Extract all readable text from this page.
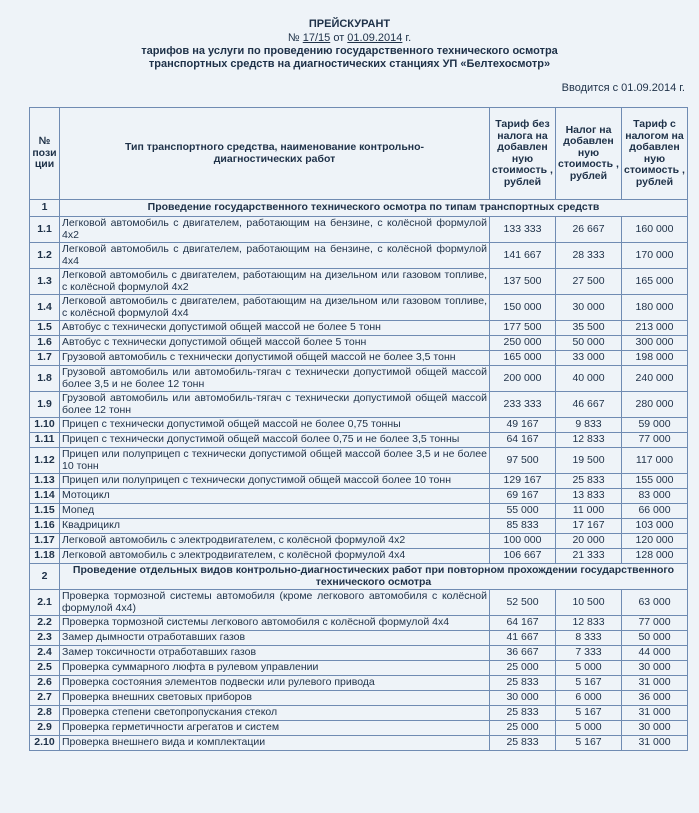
ПРЕЙСКУРАНТ
№ 17/15 от 01.09.2014 г.
тарифов на услуги по проведению государственного технического осмотра
транспортных средств на диагностических станциях УП «Белтехосмотр»
Вводится с 01.09.2014 г.
№ пози ции	Тип транспортного средства, наименование контрольно-диагностических работ	Тариф без налога на добавлен ную стоимость , рублей	Налог на добавлен ную стоимость , рублей	Тариф с налогом на добавлен ную стоимость , рублей
1	Проведение государственного технического осмотра по типам транспортных средств			
1.1	Легковой автомобиль с двигателем, работающим на бензине, с колёсной формулой 4х2	133 333	26 667	160 000
1.2	Легковой автомобиль с двигателем, работающим на бензине, с колёсной формулой 4х4	141 667	28 333	170 000
1.3	Легковой автомобиль с двигателем, работающим на дизельном или газовом топливе, с колёсной формулой 4х2	137 500	27 500	165 000
1.4	Легковой автомобиль с двигателем, работающим на дизельном или газовом топливе, с колёсной формулой 4х4	150 000	30 000	180 000
1.5	Автобус с технически допустимой общей массой не более 5 тонн	177 500	35 500	213 000
1.6	Автобус с технически допустимой общей массой более 5 тонн	250 000	50 000	300 000
1.7	Грузовой автомобиль с технически допустимой общей массой не более 3,5 тонн	165 000	33 000	198 000
1.8	Грузовой автомобиль или автомобиль-тягач с технически допустимой общей массой более 3,5 и не более 12 тонн	200 000	40 000	240 000
1.9	Грузовой автомобиль или автомобиль-тягач с технически допустимой общей массой более 12 тонн	233 333	46 667	280 000
1.10	Прицеп с технически допустимой общей массой не более 0,75 тонны	49 167	9 833	59 000
1.11	Прицеп с технически допустимой общей массой более 0,75 и не более 3,5 тонны	64 167	12 833	77 000
1.12	Прицеп или полуприцеп с технически допустимой общей массой более 3,5 и не более 10 тонн	97 500	19 500	117 000
1.13	Прицеп или полуприцеп с технически допустимой общей массой более 10 тонн	129 167	25 833	155 000
1.14	Мотоцикл	69 167	13 833	83 000
1.15	Мопед	55 000	11 000	66 000
1.16	Квадрицикл	85 833	17 167	103 000
1.17	Легковой автомобиль с электродвигателем, с колёсной формулой 4х2	100 000	20 000	120 000
1.18	Легковой автомобиль с электродвигателем, с колёсной формулой 4х4	106 667	21 333	128 000
2	Проведение отдельных видов контрольно-диагностических работ при повторном прохождении государственного технического осмотра			
2.1	Проверка тормозной системы автомобиля (кроме легкового автомобиля с колёсной формулой 4х4)	52 500	10 500	63 000
2.2	Проверка тормозной системы легкового автомобиля с колёсной формулой 4х4	64 167	12 833	77 000
2.3	Замер дымности отработавших газов	41 667	8 333	50 000
2.4	Замер токсичности отработавших газов	36 667	7 333	44 000
2.5	Проверка суммарного люфта в рулевом управлении	25 000	5 000	30 000
2.6	Проверка состояния элементов подвески или рулевого привода	25 833	5 167	31 000
2.7	Проверка внешних световых приборов	30 000	6 000	36 000
2.8	Проверка степени светопропускания стекол	25 833	5 167	31 000
2.9	Проверка герметичности агрегатов и систем	25 000	5 000	30 000
2.10	Проверка внешнего вида и комплектации	25 833	5 167	31 000
